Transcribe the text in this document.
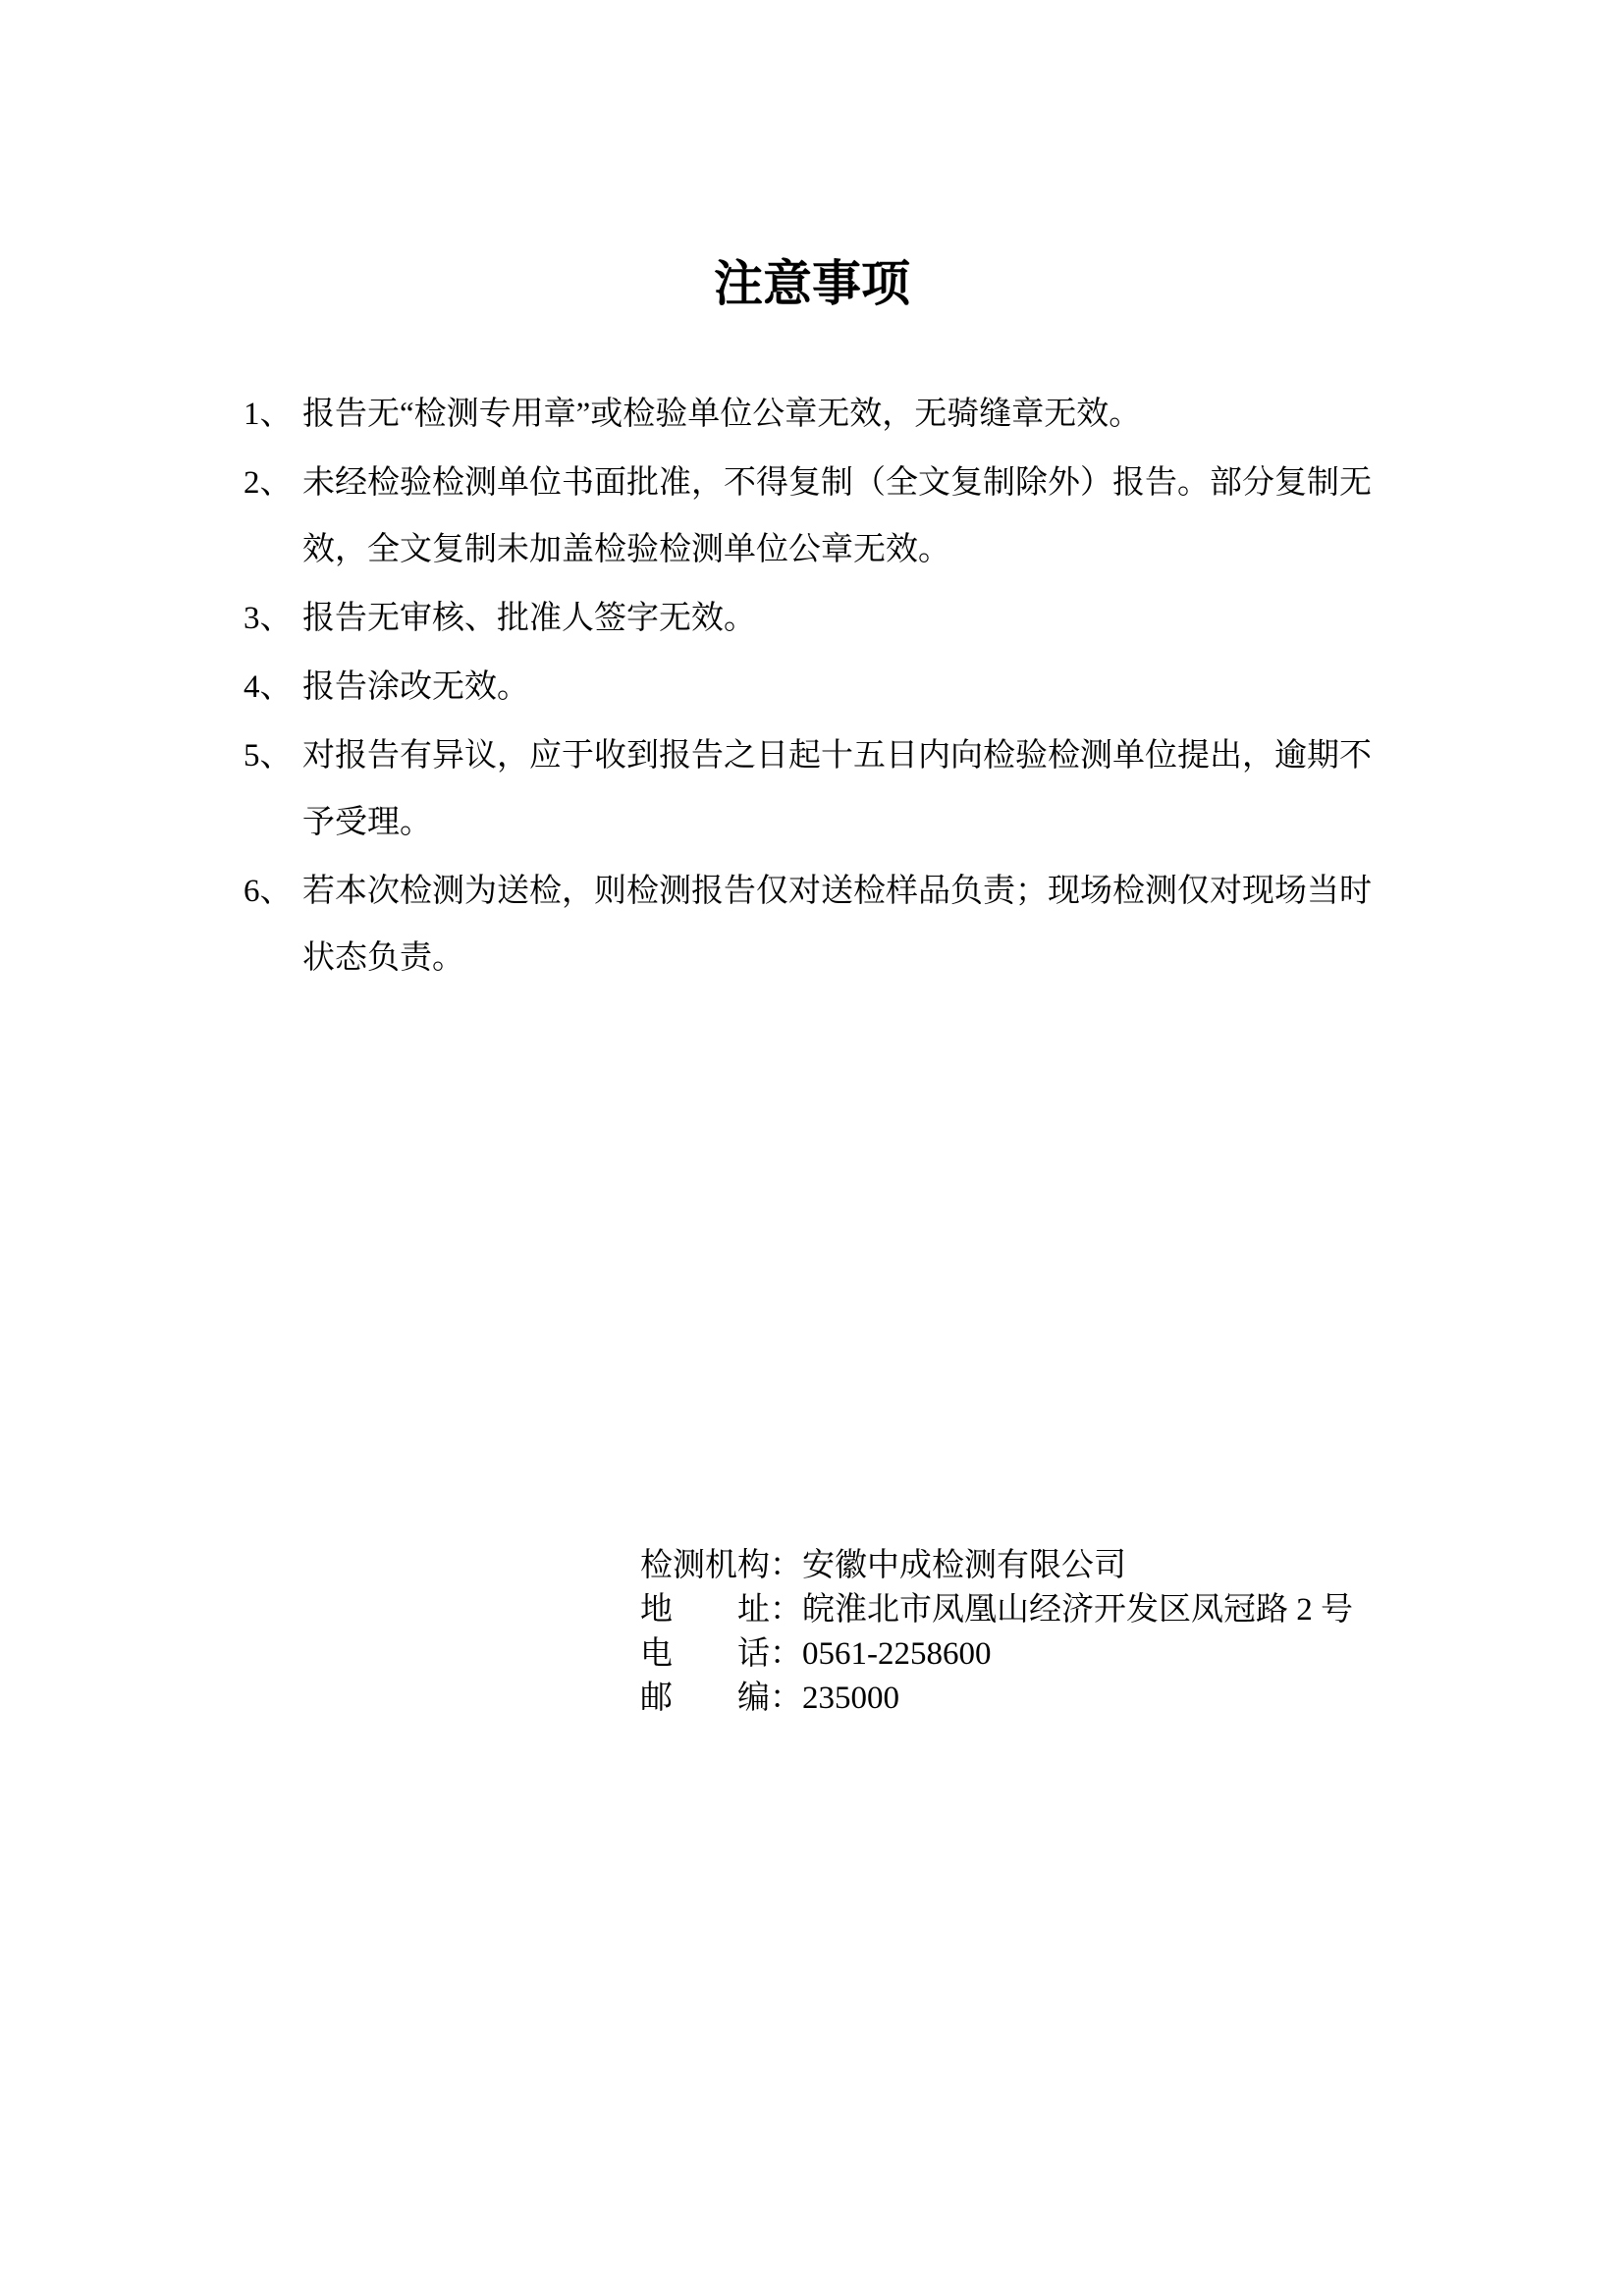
注意事项
1、 报告无“检测专用章”或检验单位公章无效，无骑缝章无效。
2、 未经检验检测单位书面批准，不得复制（全文复制除外）报告。部分复制无
效，全文复制未加盖检验检测单位公章无效。
3、 报告无审核、批准人签字无效。
4、 报告涂改无效。
5、 对报告有异议，应于收到报告之日起十五日内向检验检测单位提出，逾期不
予受理。
6、 若本次检测为送检，则检测报告仅对送检样品负责；现场检测仅对现场当时
状态负责。
检测机构：安徽中成检测有限公司
地　　址：皖淮北市凤凰山经济开发区凤冠路 2 号
电　　话：0561-2258600
邮　　编：235000
